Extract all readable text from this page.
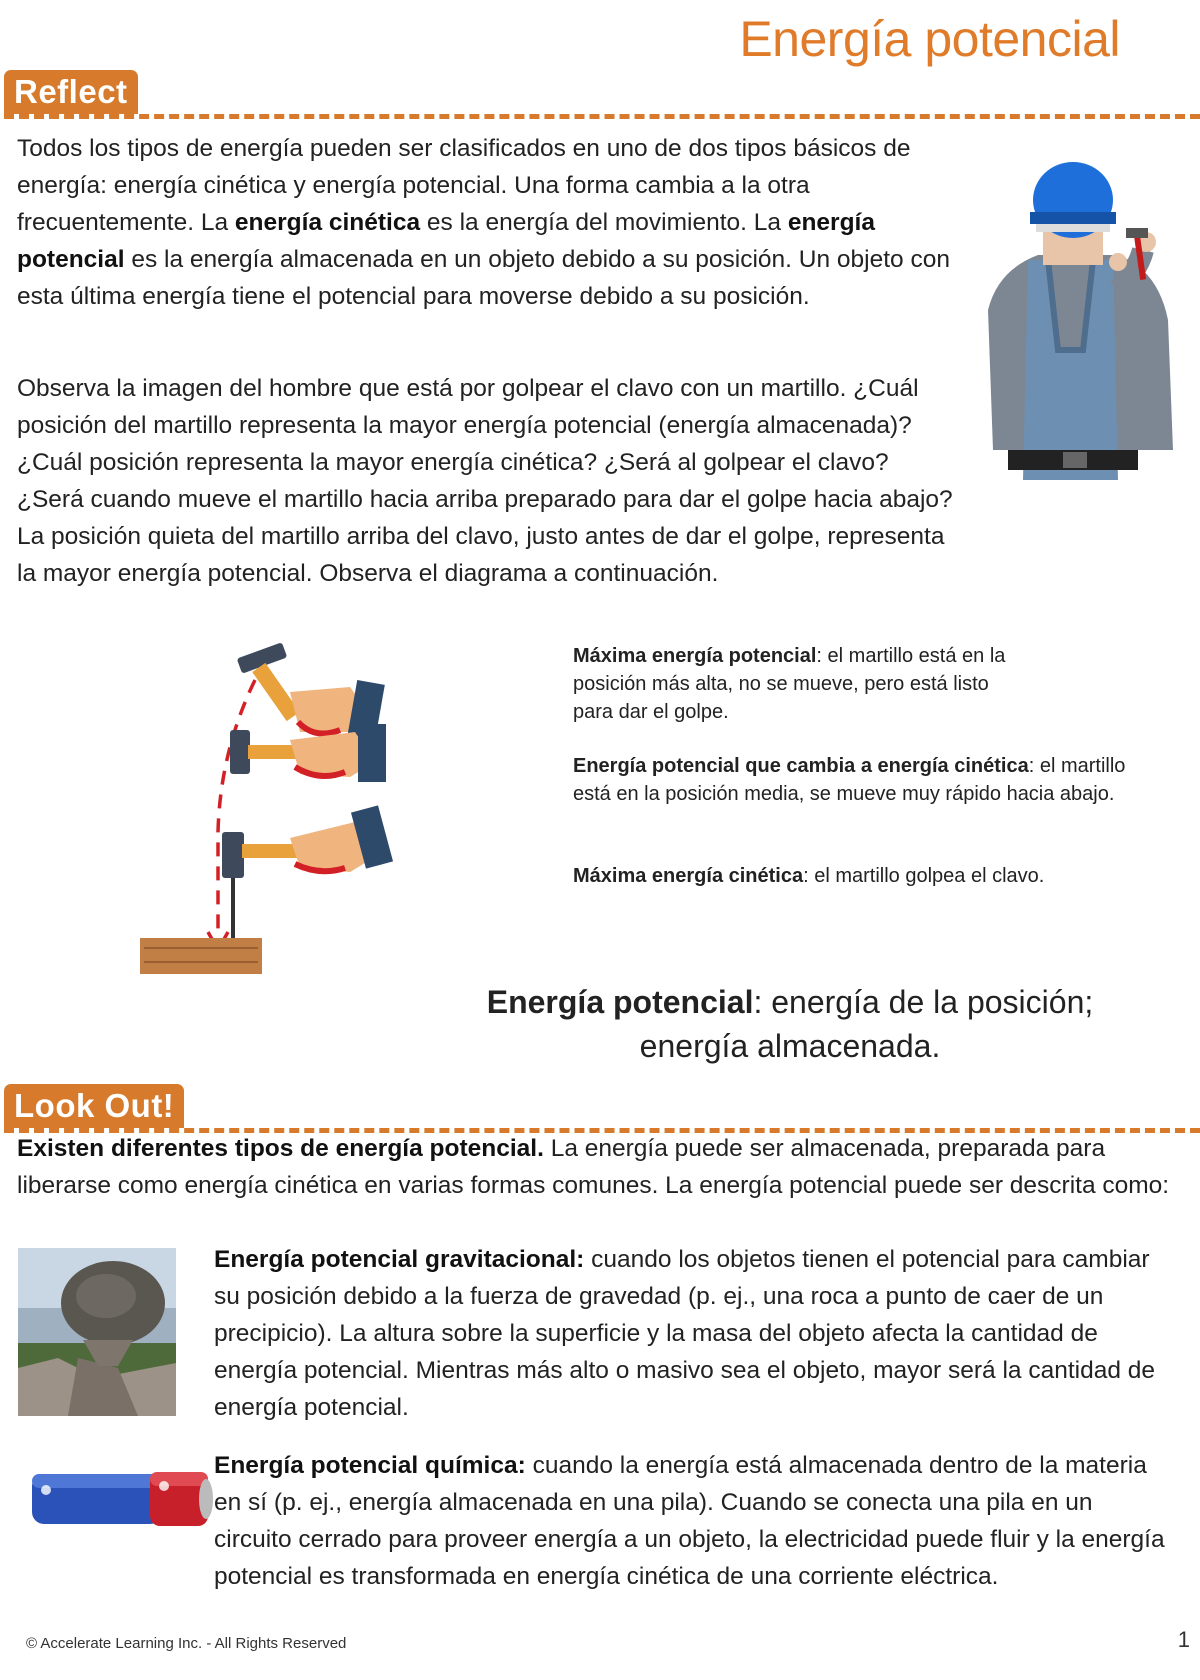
Energía potencial
Reflect

Todos los tipos de energía pueden ser clasificados en uno de dos tipos básicos de energía: energía cinética y energía potencial. Una forma cambia a la otra frecuentemente. La energía cinética es la energía del movimiento. La energía potencial es la energía almacenada en un objeto debido a su posición. Un objeto con esta última energía tiene el potencial para moverse debido a su posición.

Observa la imagen del hombre que está por golpear el clavo con un martillo. ¿Cuál posición del martillo representa la mayor energía potencial (energía almacenada)? ¿Cuál posición representa la mayor energía cinética? ¿Será al golpear el clavo? ¿Será cuando mueve el martillo hacia arriba preparado para dar el golpe hacia abajo? La posición quieta del martillo arriba del clavo, justo antes de dar el golpe, representa la mayor energía potencial. Observa el diagrama a continuación.

Máxima energía potencial: el martillo está en la posición más alta, no se mueve, pero está listo para dar el golpe.
Energía potencial que cambia a energía cinética: el martillo está en la posición media, se mueve muy rápido hacia abajo.
Máxima energía cinética: el martillo golpea el clavo.
Energía potencial: energía de la posición; energía almacenada.
Look Out!

Existen diferentes tipos de energía potencial. La energía puede ser almacenada, preparada para liberarse como energía cinética en varias formas comunes. La energía potencial puede ser descrita como:

Energía potencial gravitacional: cuando los objetos tienen el potencial para cambiar su posición debido a la fuerza de gravedad (p. ej., una roca a punto de caer de un precipicio). La altura sobre la superficie y la masa del objeto afecta la cantidad de energía potencial. Mientras más alto o masivo sea el objeto, mayor será la cantidad de energía potencial.

Energía potencial química: cuando la energía está almacenada dentro de la materia en sí (p. ej., energía almacenada en una pila). Cuando se conecta una pila en un circuito cerrado para proveer energía a un objeto, la electricidad puede fluir y la energía potencial es transformada en energía cinética de una corriente eléctrica.

© Accelerate Learning Inc. - All Rights Reserved	1
